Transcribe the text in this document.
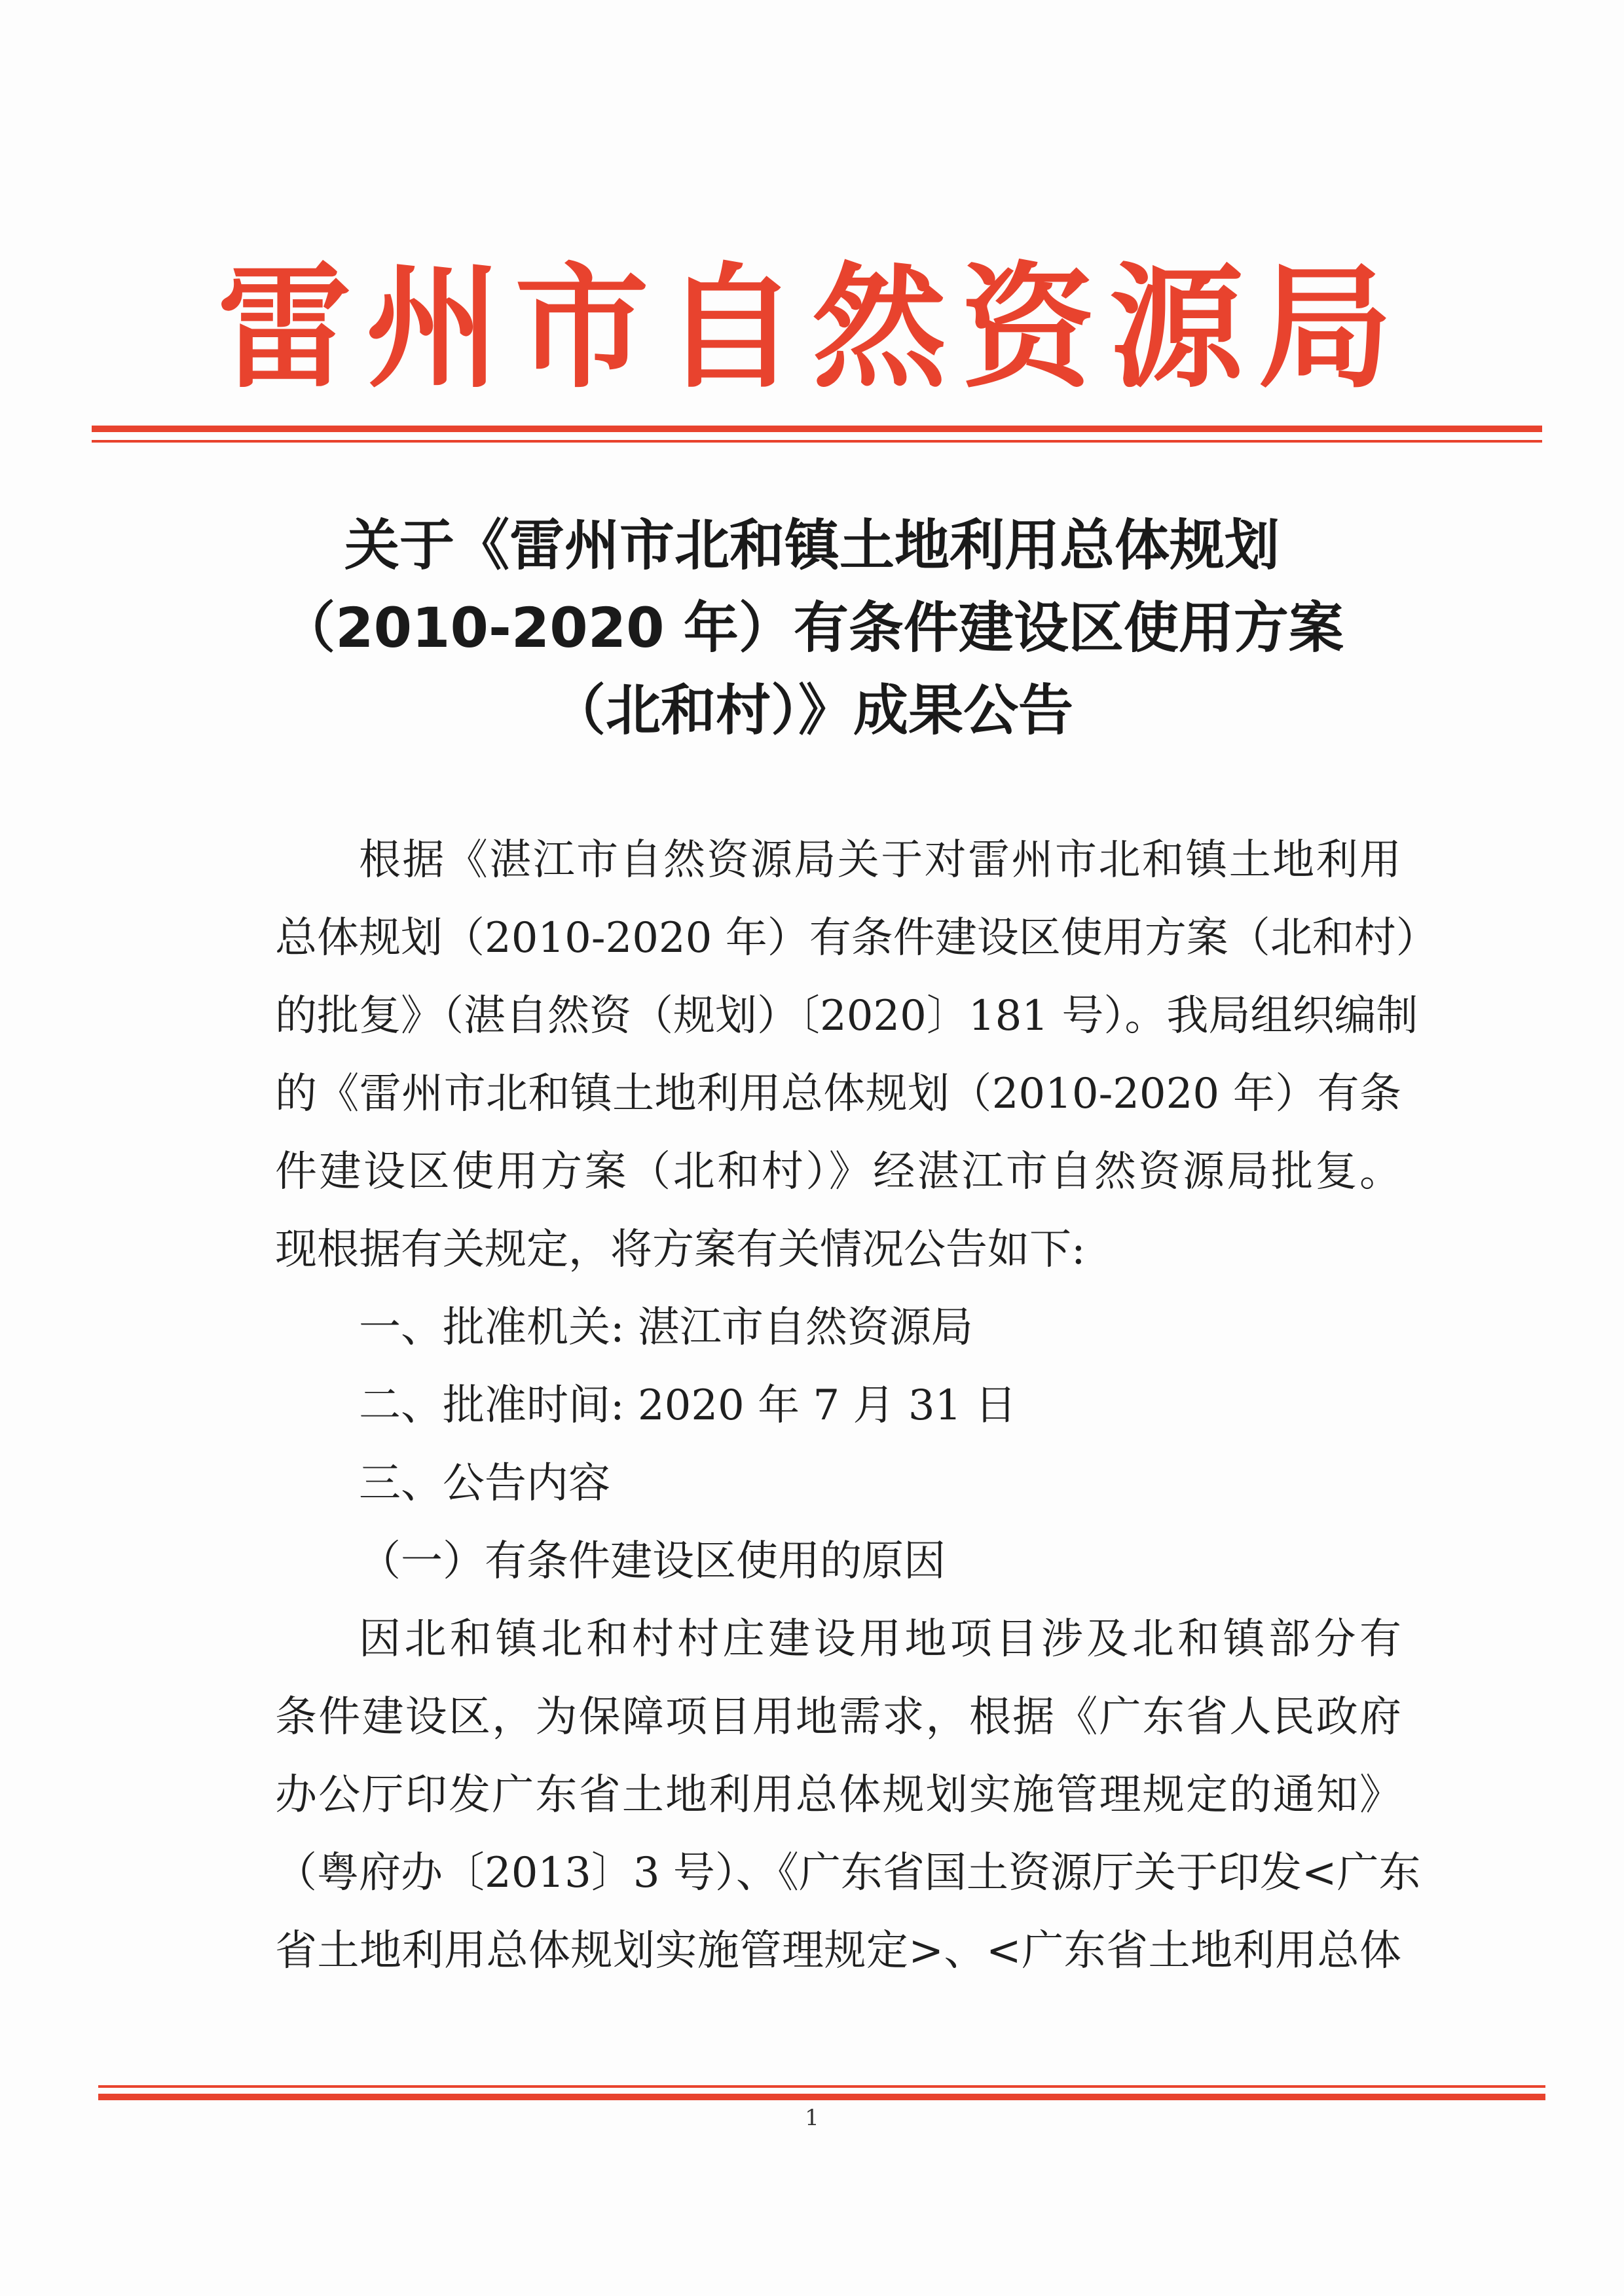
雷州市自然资源局
关于《雷州市北和镇土地利用总体规划
（2010-2020 年）有条件建设区使用方案
（北和村）》成果公告
根据《湛江市自然资源局关于对雷州市北和镇土地利用
总体规划（2010-2020 年）有条件建设区使用方案（北和村）
的批复》（湛自然资（规划）〔2020〕181 号）。我局组织编制
的《雷州市北和镇土地利用总体规划（2010-2020 年）有条
件建设区使用方案（北和村）》经湛江市自然资源局批复。
现根据有关规定，将方案有关情况公告如下:
一、批准机关: 湛江市自然资源局
二、批准时间: 2020 年 7 月 31 日
三、公告内容
（一）有条件建设区使用的原因
因北和镇北和村村庄建设用地项目涉及北和镇部分有
条件建设区，为保障项目用地需求，根据《广东省人民政府
办公厅印发广东省土地利用总体规划实施管理规定的通知》
（粤府办〔2013〕3 号）、《广东省国土资源厅关于印发<广东
省土地利用总体规划实施管理规定>、<广东省土地利用总体
1
